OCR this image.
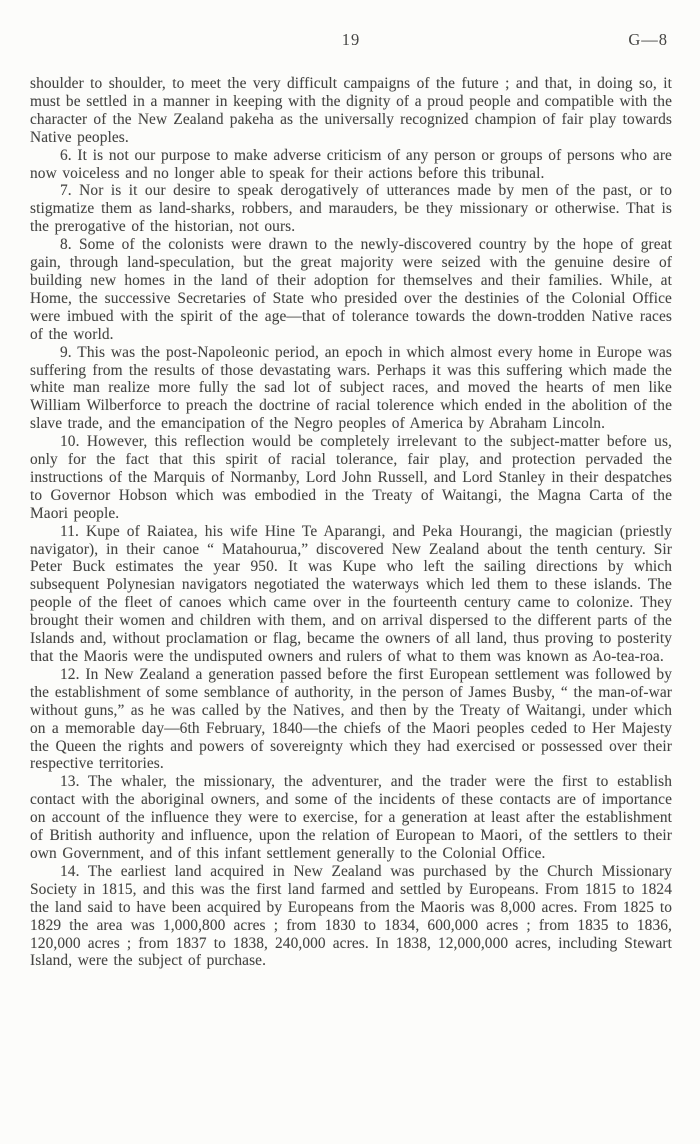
19	G—8

shoulder to shoulder, to meet the very difficult campaigns of the future ; and that, in doing so, it must be settled in a manner in keeping with the dignity of a proud people and compatible with the character of the New Zealand pakeha as the universally recognized champion of fair play towards Native peoples.

6. It is not our purpose to make adverse criticism of any person or groups of persons who are now voiceless and no longer able to speak for their actions before this tribunal.

7. Nor is it our desire to speak derogatively of utterances made by men of the past, or to stigmatize them as land-sharks, robbers, and marauders, be they missionary or otherwise. That is the prerogative of the historian, not ours.

8. Some of the colonists were drawn to the newly-discovered country by the hope of great gain, through land-speculation, but the great majority were seized with the genuine desire of building new homes in the land of their adoption for themselves and their families. While, at Home, the successive Secretaries of State who presided over the destinies of the Colonial Office were imbued with the spirit of the age—that of tolerance towards the down-trodden Native races of the world.

9. This was the post-Napoleonic period, an epoch in which almost every home in Europe was suffering from the results of those devastating wars. Perhaps it was this suffering which made the white man realize more fully the sad lot of subject races, and moved the hearts of men like William Wilberforce to preach the doctrine of racial tolerence which ended in the abolition of the slave trade, and the emancipation of the Negro peoples of America by Abraham Lincoln.

10. However, this reflection would be completely irrelevant to the subject-matter before us, only for the fact that this spirit of racial tolerance, fair play, and protection pervaded the instructions of the Marquis of Normanby, Lord John Russell, and Lord Stanley in their despatches to Governor Hobson which was embodied in the Treaty of Waitangi, the Magna Carta of the Maori people.

11. Kupe of Raiatea, his wife Hine Te Aparangi, and Peka Hourangi, the magician (priestly navigator), in their canoe “ Matahourua,” discovered New Zealand about the tenth century. Sir Peter Buck estimates the year 950. It was Kupe who left the sailing directions by which subsequent Polynesian navigators negotiated the waterways which led them to these islands. The people of the fleet of canoes which came over in the fourteenth century came to colonize. They brought their women and children with them, and on arrival dispersed to the different parts of the Islands and, without proclamation or flag, became the owners of all land, thus proving to posterity that the Maoris were the undisputed owners and rulers of what to them was known as Ao-tea-roa.

12. In New Zealand a generation passed before the first European settlement was followed by the establishment of some semblance of authority, in the person of James Busby, “ the man-of-war without guns,” as he was called by the Natives, and then by the Treaty of Waitangi, under which on a memorable day—6th February, 1840—the chiefs of the Maori peoples ceded to Her Majesty the Queen the rights and powers of sovereignty which they had exercised or possessed over their respective territories.

13. The whaler, the missionary, the adventurer, and the trader were the first to establish contact with the aboriginal owners, and some of the incidents of these contacts are of importance on account of the influence they were to exercise, for a generation at least after the establishment of British authority and influence, upon the relation of European to Maori, of the settlers to their own Government, and of this infant settlement generally to the Colonial Office.

14. The earliest land acquired in New Zealand was purchased by the Church Missionary Society in 1815, and this was the first land farmed and settled by Europeans. From 1815 to 1824 the land said to have been acquired by Europeans from the Maoris was 8,000 acres. From 1825 to 1829 the area was 1,000,800 acres ; from 1830 to 1834, 600,000 acres ; from 1835 to 1836, 120,000 acres ; from 1837 to 1838, 240,000 acres. In 1838, 12,000,000 acres, including Stewart Island, were the subject of purchase.
